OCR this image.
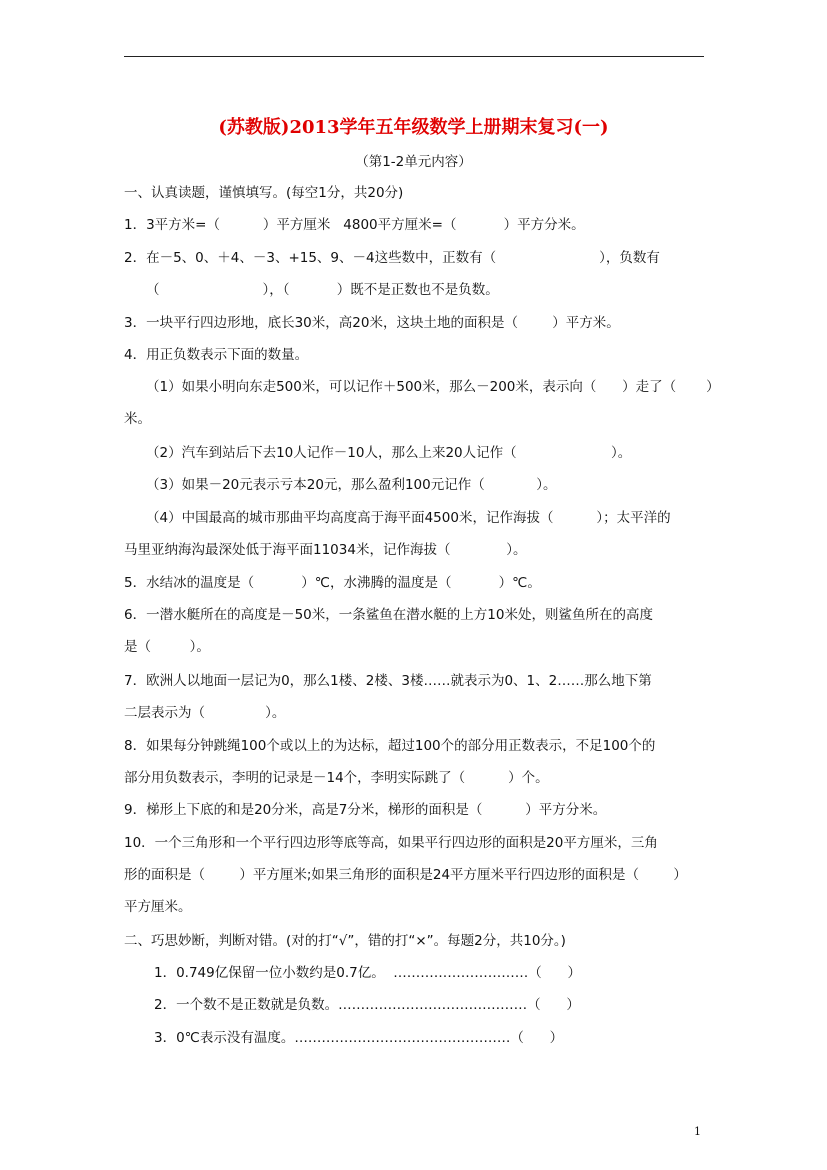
(苏教版)2013学年五年级数学上册期末复习(一)
（第1-2单元内容）
一、认真读题，谨慎填写。(每空1分，共20分)
1．3平方米=（          ）平方厘米   4800平方厘米=（           ）平方分米。
2．在－5、0、＋4、－3、+15、9、－4这些数中，正数有（                        ），负数有
（                        ），（           ）既不是正数也不是负数。
3．一块平行四边形地，底长30米，高20米，这块土地的面积是（        ）平方米。
4．用正负数表示下面的数量。
（1）如果小明向东走500米，可以记作＋500米，那么－200米，表示向（      ）走了（       ）
米。
（2）汽车到站后下去10人记作－10人，那么上来20人记作（                      ）。
（3）如果－20元表示亏本20元，那么盈利100元记作（            ）。
（4）中国最高的城市那曲平均高度高于海平面4500米，记作海拔（          ）；太平洋的
马里亚纳海沟最深处低于海平面11034米，记作海拔（             ）。
5．水结冰的温度是（           ）℃，水沸腾的温度是（           ）℃。
6．一潜水艇所在的高度是－50米，一条鲨鱼在潜水艇的上方10米处，则鲨鱼所在的高度
是（         ）。
7．欧洲人以地面一层记为0，那么1楼、2楼、3楼……就表示为0、1、2……那么地下第
二层表示为（              ）。
8．如果每分钟跳绳100个或以上的为达标，超过100个的部分用正数表示，不足100个的
部分用负数表示，李明的记录是－14个，李明实际跳了（          ）个。
9．梯形上下底的和是20分米，高是7分米，梯形的面积是（          ）平方分米。
10．一个三角形和一个平行四边形等底等高，如果平行四边形的面积是20平方厘米，三角
形的面积是（        ）平方厘米;如果三角形的面积是24平方厘米平行四边形的面积是（        ）
平方厘米。
二、巧思妙断，判断对错。(对的打“√”，错的打“×”。每题2分，共10分。)
1．0.749亿保留一位小数约是0.7亿。  …………………………（      ）
2．一个数不是正数就是负数。……………………………………（      ）
3．0℃表示没有温度。…………………………………………（      ）
1
